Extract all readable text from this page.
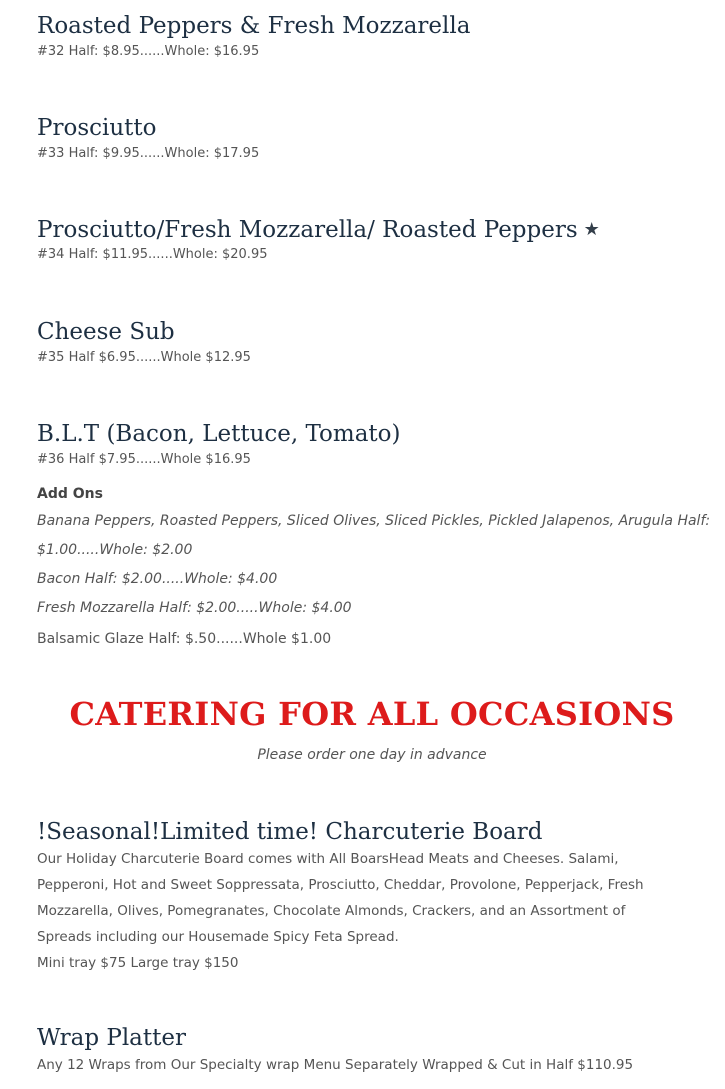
Roasted Peppers & Fresh Mozzarella

#32 Half: $8.95......Whole: $16.95

Prosciutto

#33 Half: $9.95......Whole: $17.95

Prosciutto/Fresh Mozzarella/ Roasted Peppers ★

#34 Half: $11.95......Whole: $20.95

Cheese Sub

#35 Half $6.95......Whole $12.95

B.L.T (Bacon, Lettuce, Tomato)

#36 Half $7.95......Whole $16.95

Add Ons
Banana Peppers, Roasted Peppers, Sliced Olives, Sliced Pickles, Pickled Jalapenos, Arugula Half:
$1.00.....Whole: $2.00
Bacon Half: $2.00.....Whole: $4.00
Fresh Mozzarella Half: $2.00.....Whole: $4.00
Balsamic Glaze Half: $.50......Whole $1.00
CATERING FOR ALL OCCASIONS
Please order one day in advance

!Seasonal!Limited time! Charcuterie Board

Our Holiday Charcuterie Board comes with All BoarsHead Meats and Cheeses. Salami,
Pepperoni, Hot and Sweet Soppressata, Prosciutto, Cheddar, Provolone, Pepperjack, Fresh
Mozzarella, Olives, Pomegranates, Chocolate Almonds, Crackers, and an Assortment of
Spreads including our Housemade Spicy Feta Spread.
Mini tray $75 Large tray $150

Wrap Platter

Any 12 Wraps from Our Specialty wrap Menu Separately Wrapped & Cut in Half $110.95
